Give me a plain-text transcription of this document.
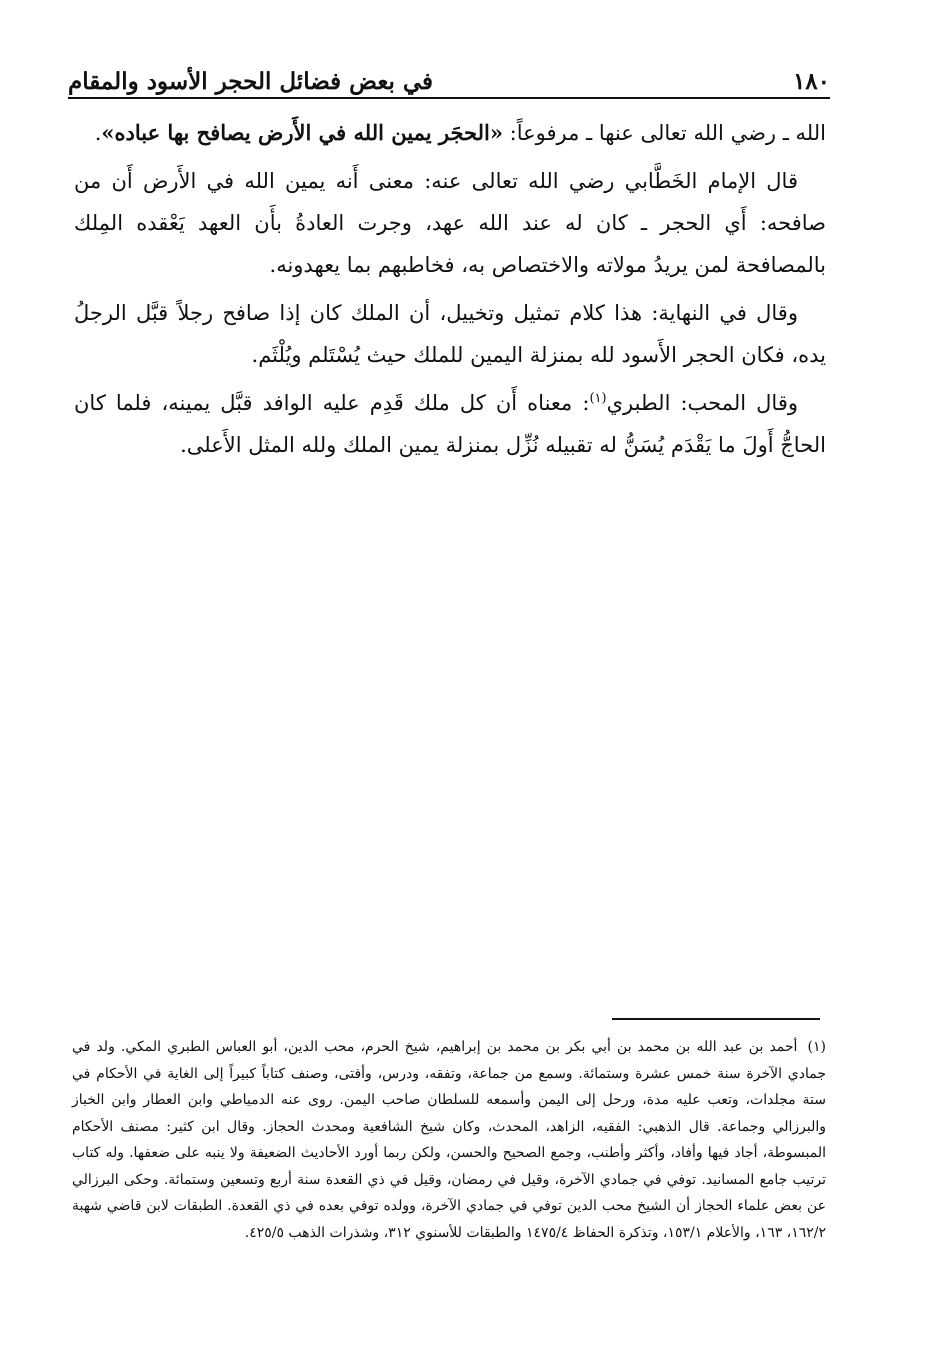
١٨٠
في بعض فضائل الحجر الأسود والمقام

الله ـ رضي الله تعالى عنها ـ مرفوعاً: «الحجَر يمين الله في الأَرض يصافح بها عباده».

قال الإمام الخَطَّابي رضي الله تعالى عنه: معنى أَنه يمين الله في الأَرض أَن من صافحه: أَي الحجر ـ كان له عند الله عهد، وجرت العادةُ بأَن العهد يَعْقده المِلك بالمصافحة لمن يريدُ مولاته والاختصاص به، فخاطبهم بما يعهدونه.

وقال في النهاية: هذا كلام تمثيل وتخييل، أن الملك كان إذا صافح رجلاً قبَّل الرجلُ يده، فكان الحجر الأَسود لله بمنزلة اليمين للملك حيث يُسْتَلم ويُلْثَم.

وقال المحب: الطبري$^{(١)}$: معناه أَن كل ملك قَدِم عليه الوافد قبَّل يمينه، فلما كان الحاجُّ أَولَ ما يَقْدَم يُسَنُّ له تقبيله نُزِّل بمنزلة يمين الملك ولله المثل الأَعلى.

(١) أحمد بن عبد الله بن محمد بن أبي بكر بن محمد بن إبراهيم، شيخ الحرم، محب الدين، أبو العباس الطبري المكي. ولد في جمادي الآخرة سنة خمس عشرة وستمائة. وسمع من جماعة، وتفقه، ودرس، وأفتى، وصنف كتاباً كبيراً إلى الغاية في الأحكام في ستة مجلدات، وتعب عليه مدة، ورحل إلى اليمن وأسمعه للسلطان صاحب اليمن. روى عنه الدمياطي وابن العطار وابن الخباز والبرزالي وجماعة. قال الذهبي: الفقيه، الزاهد، المحدث، وكان شيخ الشافعية ومحدث الحجاز. وقال ابن كثير: مصنف الأحكام المبسوطة، أجاد فيها وأفاد، وأكثر وأطنب، وجمع الصحيح والحسن، ولكن ربما أورد الأحاديث الضعيفة ولا ينبه على ضعفها. وله كتاب ترتيب جامع المسانيد. توفي في جمادي الآخرة، وقيل في رمضان، وقيل في ذي القعدة سنة أربع وتسعين وستمائة. وحكى البرزالي عن بعض علماء الحجاز أن الشيخ محب الدين توفي في جمادي الآخرة، وولده توفي بعده في ذي القعدة. الطبقات لابن قاضي شهبة ١٦٢/٢، ١٦٣، والأعلام ١٥٣/١، وتذكرة الحفاظ ١٤٧٥/٤ والطبقات للأسنوي ٣١٢، وشذرات الذهب ٤٢٥/٥.
